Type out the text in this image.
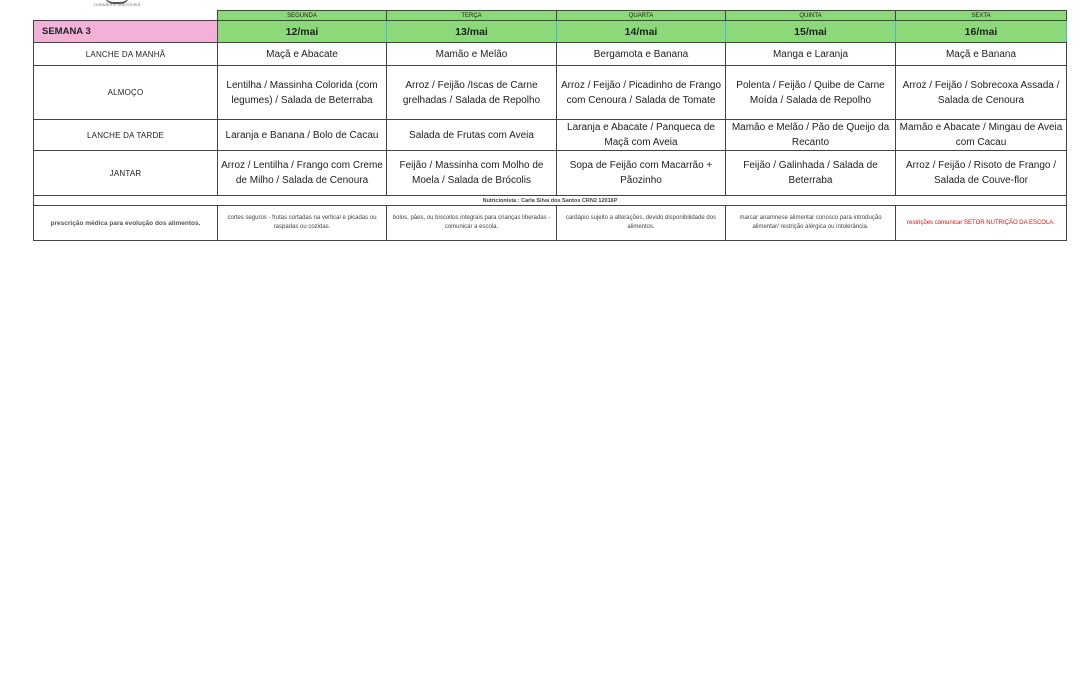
consultório nutricional
	SEGUNDA	TERÇA	QUARTA	QUINTA	SEXTA
SEMANA 3	12/mai	13/mai	14/mai	15/mai	16/mai
LANCHE DA MANHÃ	Maçã e Abacate	Mamão e Melão	Bergamota e Banana	Manga e Laranja	Maçã e Banana
ALMOÇO	Lentilha / Massinha Colorida (com legumes) / Salada de Beterraba	Arroz / Feijão /Iscas de Carne grelhadas / Salada de Repolho	Arroz / Feijão / Picadinho de Frango com Cenoura / Salada de Tomate	Polenta / Feijão / Quibe de Carne Moída / Salada de Repolho	Arroz / Feijão / Sobrecoxa Assada / Salada de Cenoura
LANCHE DA TARDE	Laranja e Banana / Bolo de Cacau	Salada de Frutas com Aveia	Laranja e Abacate / Panqueca de Maçã com Aveia	Mamão e Melão / Pão de Queijo da Recanto	Mamão e Abacate / Mingau de Aveia com Cacau
JANTAR	Arroz / Lentilha / Frango com Creme de Milho / Salada de Cenoura	Feijão / Massinha com Molho de Moela / Salada de Brócolis	Sopa de Feijão com Macarrão + Pãozinho	Feijão / Galinhada / Salada de Beterraba	Arroz / Feijão / Risoto de Frango / Salada de Couve-flor
Nutricionista : Carla Silva dos Santos CRN2 12016P					
prescrição médica para evolução dos alimentos.	cortes seguros - frutas cortadas na vertical e picadas ou raspadas ou cozidas.	bolos, pães, ou biscoitos integrais para crianças liberadas - comunicar a escola.	cardápio sujeito a alterações, devido disponibilidade dos alimentos.	marcar anamnese alimentar conosco para introdução alimentar/ restrição alérgica ou intolerância.	restrições comunicar SETOR NUTRIÇÃO DA ESCOLA.
